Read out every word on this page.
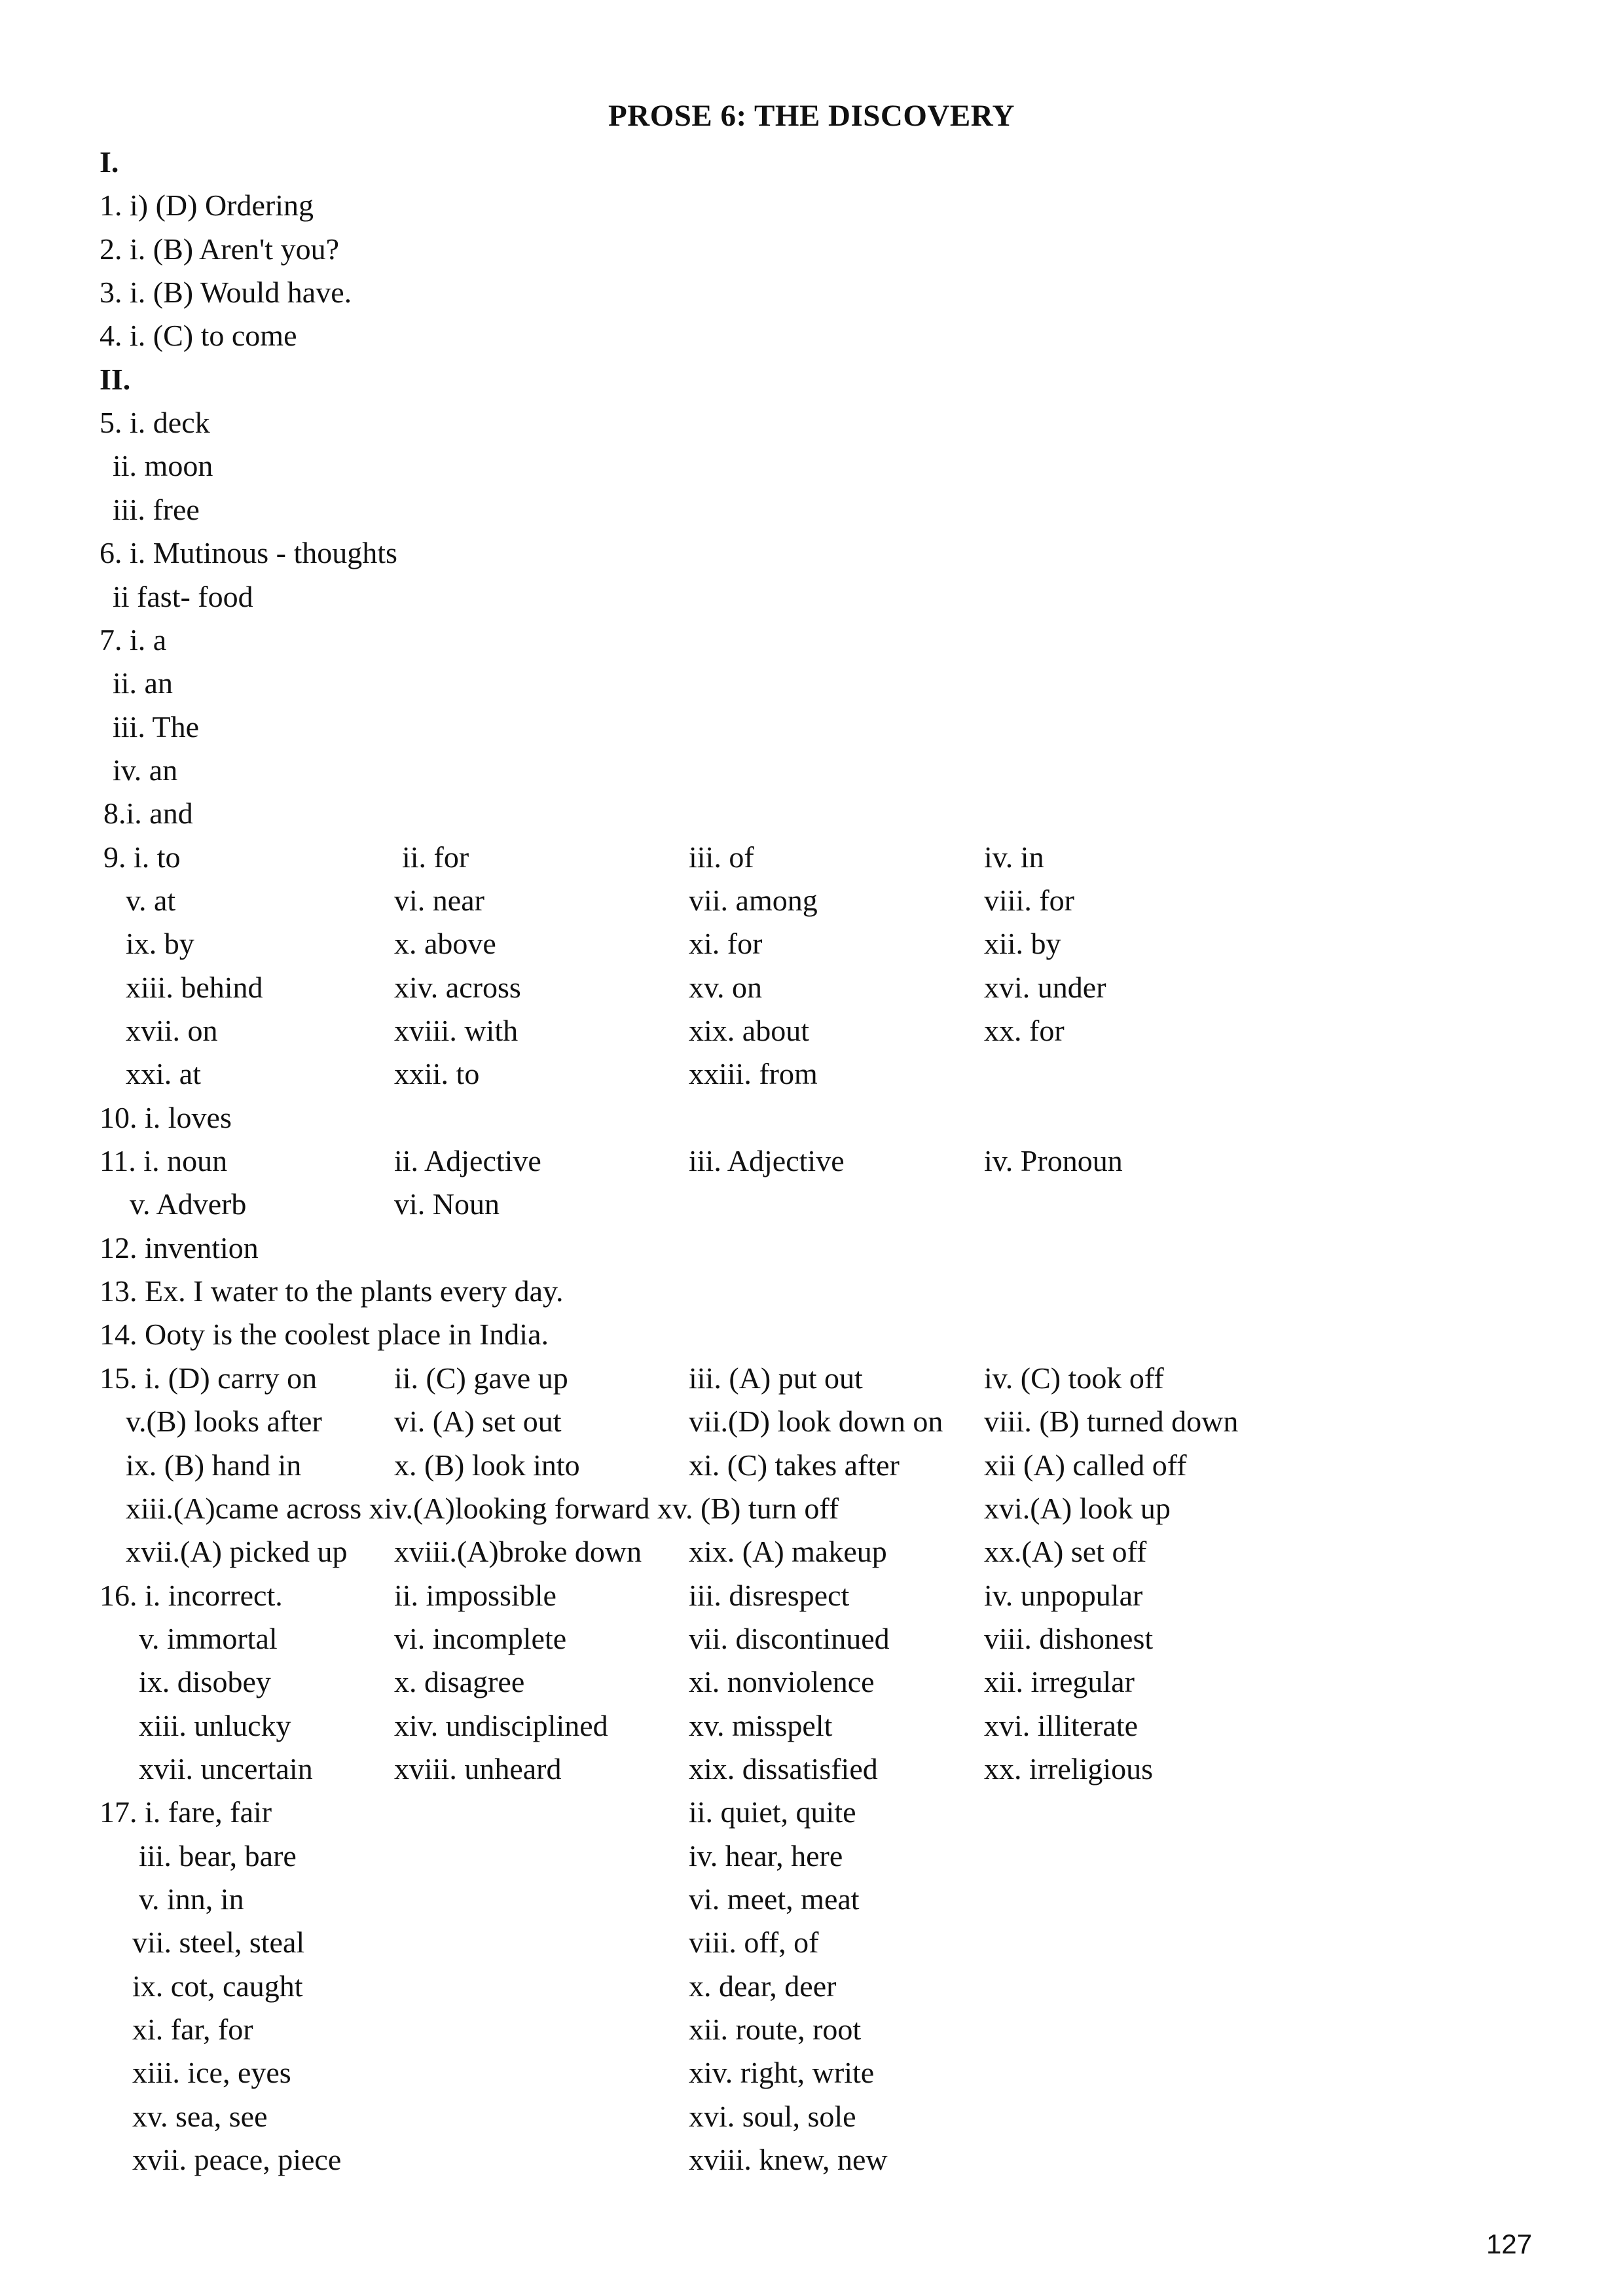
PROSE 6: THE DISCOVERY
I.
1. i) (D) Ordering
2. i. (B) Aren't you?
3. i. (B) Would have.
4. i. (C) to come
II.
5. i. deck
ii. moon
iii. free
6. i. Mutinous - thoughts
ii fast- food
7. i. a
ii. an
iii. The
iv. an
8.i. and
9. i. to	ii. for	iii. of	iv. in
v. at	vi. near	vii. among	viii. for
ix. by	x. above	xi. for	xii. by
xiii. behind	xiv. across	xv. on	xvi. under
xvii. on	xviii. with	xix. about	xx. for
xxi. at	xxii. to	xxiii. from
10. i. loves
11. i. noun	ii. Adjective	iii. Adjective	iv. Pronoun
v. Adverb	vi. Noun
12. invention
13. Ex. I water to the plants every day.
14. Ooty is the coolest place in India.
15. i. (D) carry on	ii. (C) gave up	iii. (A) put out	iv. (C) took off
v.(B) looks after vi. (A) set out	vii.(D) look down on viii. (B) turned down
ix. (B) hand in	x. (B) look into	xi. (C) takes after	xii (A) called off
xiii.(A)came across xiv.(A)looking forward xv. (B) turn off	xvi.(A) look up
xvii.(A) picked up xviii.(A)broke down xix. (A) makeup	xx.(A) set off
16. i. incorrect.	ii. impossible	iii. disrespect	iv. unpopular
v. immortal	vi. incomplete	vii. discontinued	viii. dishonest
ix. disobey	x. disagree	xi. nonviolence	xii. irregular
xiii. unlucky	xiv. undisciplined	xv. misspelt	xvi. illiterate
xvii. uncertain	xviii. unheard	xix. dissatisfied	xx. irreligious
17. i. fare, fair	ii. quiet, quite
iii. bear, bare	iv. hear, here
v. inn, in	vi. meet, meat
vii. steel, steal	viii. off, of
ix. cot, caught	x. dear, deer
xi. far, for	xii. route, root
xiii. ice, eyes	xiv. right, write
xv. sea, see	xvi. soul, sole
xvii. peace, piece	xviii. knew, new
127
